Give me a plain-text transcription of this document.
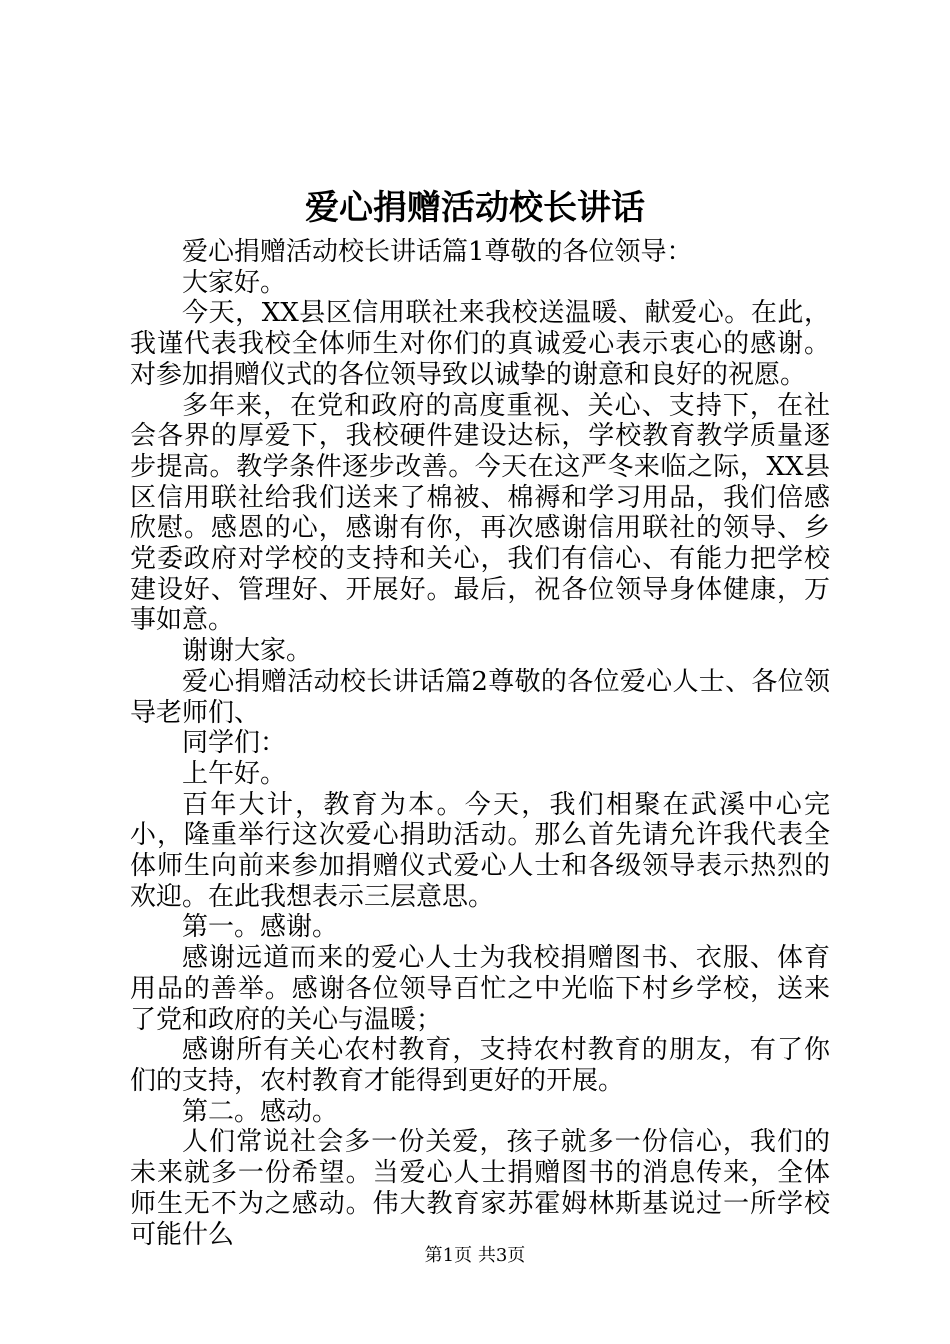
爱心捐赠活动校长讲话

爱心捐赠活动校长讲话篇1尊敬的各位领导：

大家好。

今天，XX县区信用联社来我校送温暖、献爱心。在此，我谨代表我校全体师生对你们的真诚爱心表示衷心的感谢。对参加捐赠仪式的各位领导致以诚挚的谢意和良好的祝愿。

多年来，在党和政府的高度重视、关心、支持下，在社会各界的厚爱下，我校硬件建设达标，学校教育教学质量逐步提高。教学条件逐步改善。今天在这严冬来临之际，XX县区信用联社给我们送来了棉被、棉褥和学习用品，我们倍感欣慰。感恩的心，感谢有你，再次感谢信用联社的领导、乡党委政府对学校的支持和关心，我们有信心、有能力把学校建设好、管理好、开展好。最后，祝各位领导身体健康，万事如意。

谢谢大家。

爱心捐赠活动校长讲话篇2尊敬的各位爱心人士、各位领导老师们、

同学们：

上午好。

百年大计，教育为本。今天，我们相聚在武溪中心完小，隆重举行这次爱心捐助活动。那么首先请允许我代表全体师生向前来参加捐赠仪式爱心人士和各级领导表示热烈的欢迎。在此我想表示三层意思。

第一。感谢。

感谢远道而来的爱心人士为我校捐赠图书、衣服、体育用品的善举。感谢各位领导百忙之中光临下村乡学校，送来了党和政府的关心与温暖；

感谢所有关心农村教育，支持农村教育的朋友，有了你们的支持，农村教育才能得到更好的开展。

第二。感动。

人们常说社会多一份关爱，孩子就多一份信心，我们的未来就多一份希望。当爱心人士捐赠图书的消息传来，全体师生无不为之感动。伟大教育家苏霍姆林斯基说过一所学校可能什么

第1页 共3页
